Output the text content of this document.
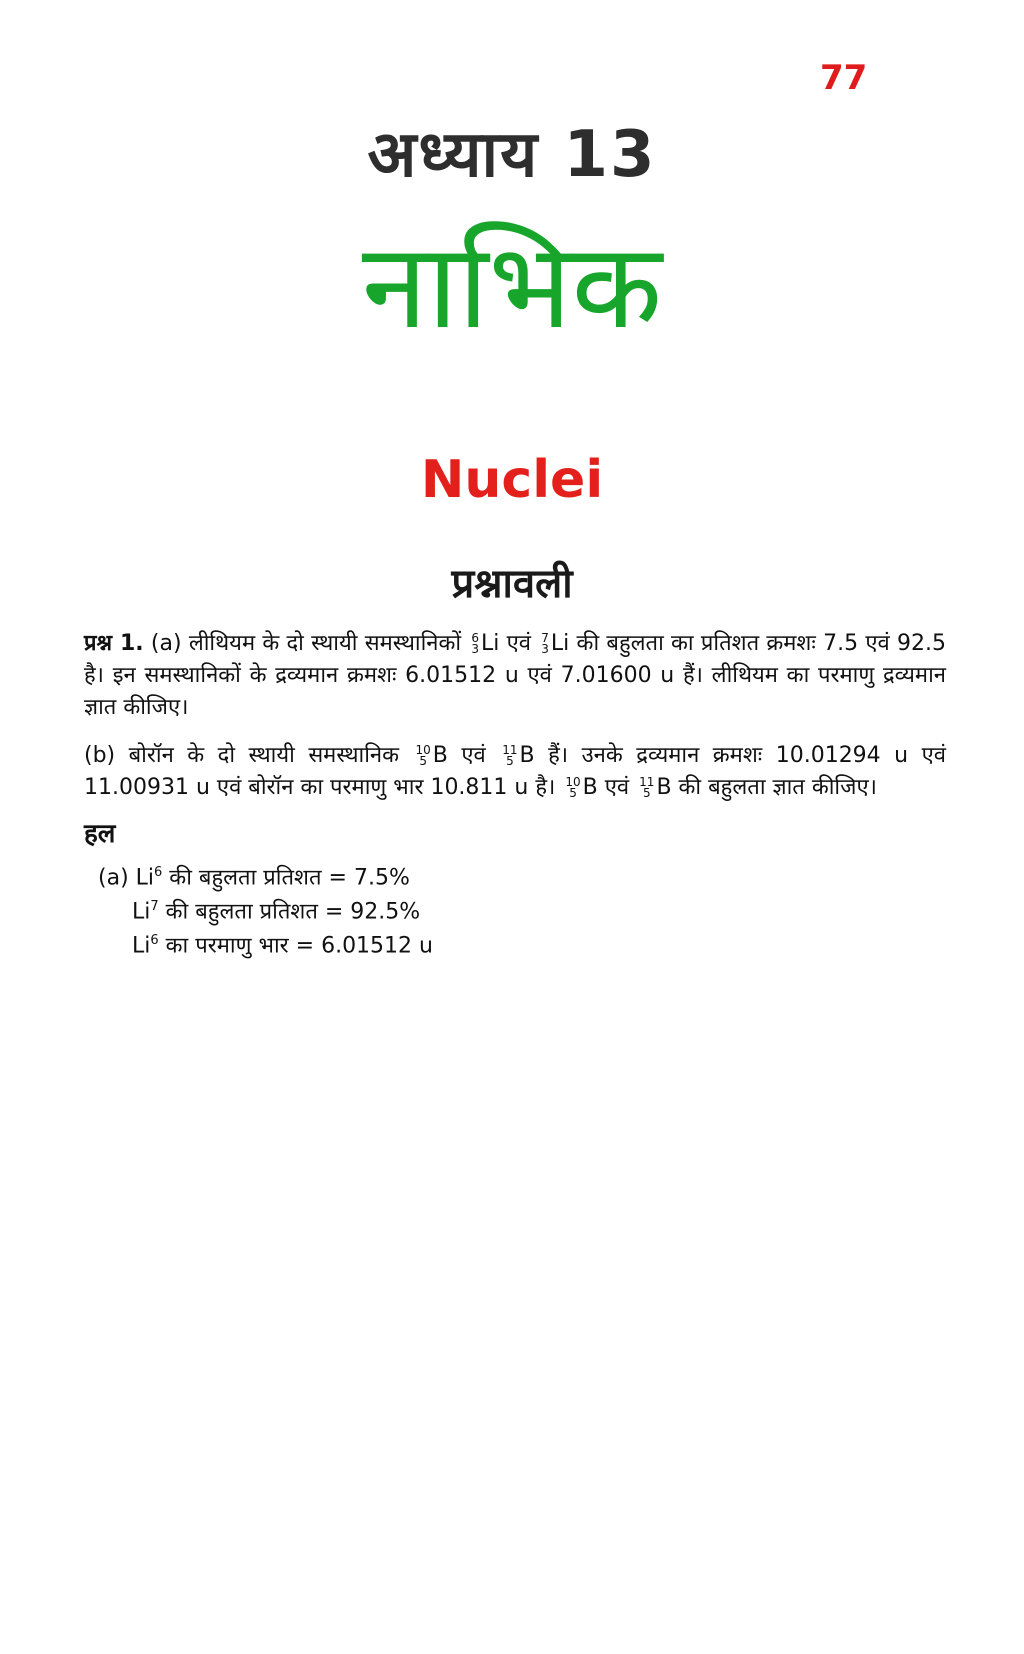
77
अध्याय 13
नाभिक
Nuclei
प्रश्नावली
प्रश्न 1. (a) लीथियम के दो स्थायी समस्थानिकों 6
3 Li एवं 7
3 Li की बहुलता का प्रतिशत क्रमशः 7.5 एवं 92.5 है। इन समस्थानिकों के द्रव्यमान क्रमशः 6.01512 u एवं 7.01600 u हैं। लीथियम का परमाणु द्रव्यमान ज्ञात कीजिए।
(b) बोरॉन के दो स्थायी समस्थानिक 10
5 B एवं 11
5 B हैं। उनके द्रव्यमान क्रमशः 10.01294 u एवं 11.00931 u एवं बोरॉन का परमाणु भार 10.811 u है। 10
5 B एवं 11
5 B की बहुलता ज्ञात कीजिए।
हल
(a) Li$^6$ की बहुलता प्रतिशत = 7.5%
Li$^7$ की बहुलता प्रतिशत = 92.5%
Li$^6$ का परमाणु भार = 6.01512 u
